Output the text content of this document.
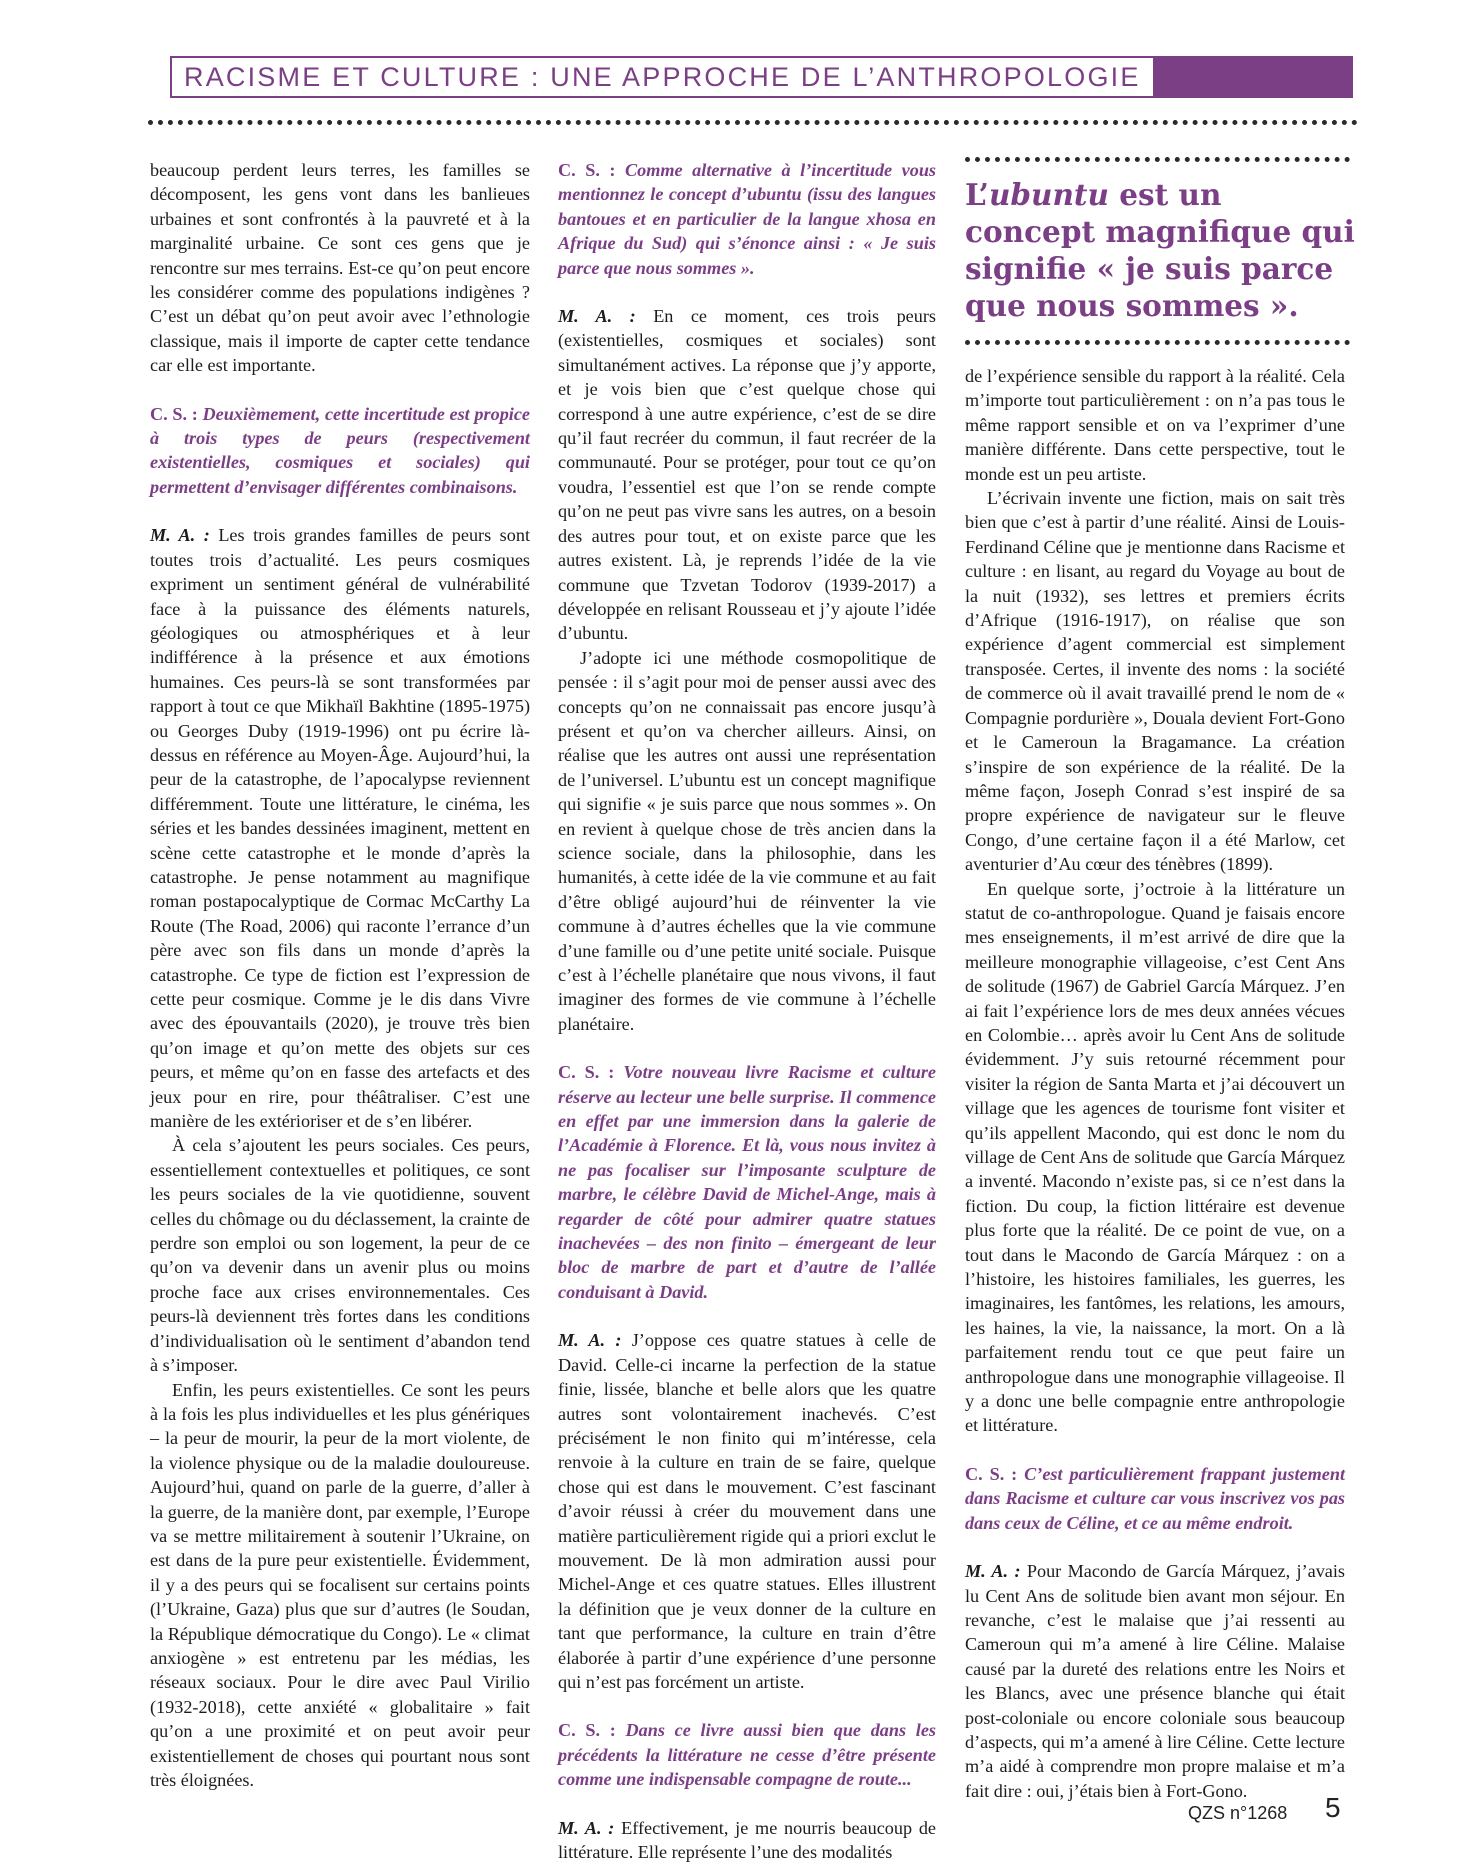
RACISME ET CULTURE : UNE APPROCHE DE L’ANTHROPOLOGIE

beaucoup perdent leurs terres, les familles se décomposent, les gens vont dans les banlieues urbaines et sont confrontés à la pauvreté et à la marginalité urbaine. Ce sont ces gens que je rencontre sur mes terrains. Est-ce qu’on peut encore les considérer comme des populations indigènes ? C’est un débat qu’on peut avoir avec l’ethnologie classique, mais il importe de capter cette tendance car elle est importante.

C. S. : Deuxièmement, cette incertitude est propice à trois types de peurs (respectivement existentielles, cosmiques et sociales) qui permettent d’envisager différentes combinaisons.

M. A. : Les trois grandes familles de peurs sont toutes trois d’actualité. Les peurs cosmiques expriment un sentiment général de vulnérabilité face à la puissance des éléments naturels, géologiques ou atmosphériques et à leur indifférence à la présence et aux émotions humaines. Ces peurs-là se sont transformées par rapport à tout ce que Mikhaïl Bakhtine (1895-1975) ou Georges Duby (1919-1996) ont pu écrire là-dessus en référence au Moyen-Âge. Aujourd’hui, la peur de la catastrophe, de l’apocalypse reviennent différemment. Toute une littérature, le cinéma, les séries et les bandes dessinées imaginent, mettent en scène cette catastrophe et le monde d’après la catastrophe. Je pense notamment au magnifique roman postapocalyptique de Cormac McCarthy La Route (The Road, 2006) qui raconte l’errance d’un père avec son fils dans un monde d’après la catastrophe. Ce type de fiction est l’expression de cette peur cosmique. Comme je le dis dans Vivre avec des épouvantails (2020), je trouve très bien qu’on image et qu’on mette des objets sur ces peurs, et même qu’on en fasse des artefacts et des jeux pour en rire, pour théâtraliser. C’est une manière de les extérioriser et de s’en libérer.

À cela s’ajoutent les peurs sociales. Ces peurs, essentiellement contextuelles et politiques, ce sont les peurs sociales de la vie quotidienne, souvent celles du chômage ou du déclassement, la crainte de perdre son emploi ou son logement, la peur de ce qu’on va devenir dans un avenir plus ou moins proche face aux crises environnementales. Ces peurs-là deviennent très fortes dans les conditions d’individualisation où le sentiment d’abandon tend à s’imposer.

Enfin, les peurs existentielles. Ce sont les peurs à la fois les plus individuelles et les plus génériques – la peur de mourir, la peur de la mort violente, de la violence physique ou de la maladie douloureuse. Aujourd’hui, quand on parle de la guerre, d’aller à la guerre, de la manière dont, par exemple, l’Europe va se mettre militairement à soutenir l’Ukraine, on est dans de la pure peur existentielle. Évidemment, il y a des peurs qui se focalisent sur certains points (l’Ukraine, Gaza) plus que sur d’autres (le Soudan, la République démocratique du Congo). Le « climat anxiogène » est entretenu par les médias, les réseaux sociaux. Pour le dire avec Paul Virilio (1932-2018), cette anxiété « globalitaire » fait qu’on a une proximité et on peut avoir peur existentiellement de choses qui pourtant nous sont très éloignées.

C. S. : Comme alternative à l’incertitude vous mentionnez le concept d’ubuntu (issu des langues bantoues et en particulier de la langue xhosa en Afrique du Sud) qui s’énonce ainsi : « Je suis parce que nous sommes ».

M. A. : En ce moment, ces trois peurs (existentielles, cosmiques et sociales) sont simultanément actives. La réponse que j’y apporte, et je vois bien que c’est quelque chose qui correspond à une autre expérience, c’est de se dire qu’il faut recréer du commun, il faut recréer de la communauté. Pour se protéger, pour tout ce qu’on voudra, l’essentiel est que l’on se rende compte qu’on ne peut pas vivre sans les autres, on a besoin des autres pour tout, et on existe parce que les autres existent. Là, je reprends l’idée de la vie commune que Tzvetan Todorov (1939-2017) a développée en relisant Rousseau et j’y ajoute l’idée d’ubuntu.

J’adopte ici une méthode cosmopolitique de pensée : il s’agit pour moi de penser aussi avec des concepts qu’on ne connaissait pas encore jusqu’à présent et qu’on va chercher ailleurs. Ainsi, on réalise que les autres ont aussi une représentation de l’universel. L’ubuntu est un concept magnifique qui signifie « je suis parce que nous sommes ». On en revient à quelque chose de très ancien dans la science sociale, dans la philosophie, dans les humanités, à cette idée de la vie commune et au fait d’être obligé aujourd’hui de réinventer la vie commune à d’autres échelles que la vie commune d’une famille ou d’une petite unité sociale. Puisque c’est à l’échelle planétaire que nous vivons, il faut imaginer des formes de vie commune à l’échelle planétaire.

C. S. : Votre nouveau livre Racisme et culture réserve au lecteur une belle surprise. Il commence en effet par une immersion dans la galerie de l’Académie à Florence. Et là, vous nous invitez à ne pas focaliser sur l’imposante sculpture de marbre, le célèbre David de Michel-Ange, mais à regarder de côté pour admirer quatre statues inachevées – des non finito – émergeant de leur bloc de marbre de part et d’autre de l’allée conduisant à David.

M. A. : J’oppose ces quatre statues à celle de David. Celle-ci incarne la perfection de la statue finie, lissée, blanche et belle alors que les quatre autres sont volontairement inachevés. C’est précisément le non finito qui m’intéresse, cela renvoie à la culture en train de se faire, quelque chose qui est dans le mouvement. C’est fascinant d’avoir réussi à créer du mouvement dans une matière particulièrement rigide qui a priori exclut le mouvement. De là mon admiration aussi pour Michel-Ange et ces quatre statues. Elles illustrent la définition que je veux donner de la culture en tant que performance, la culture en train d’être élaborée à partir d’une expérience d’une personne qui n’est pas forcément un artiste.

C. S. : Dans ce livre aussi bien que dans les précédents la littérature ne cesse d’être présente comme une indispensable compagne de route...

M. A. : Effectivement, je me nourris beaucoup de littérature. Elle représente l’une des modalités

L’ubuntu est un concept magnifique qui signifie « je suis parce que nous sommes ».

de l’expérience sensible du rapport à la réalité. Cela m’importe tout particulièrement : on n’a pas tous le même rapport sensible et on va l’exprimer d’une manière différente. Dans cette perspective, tout le monde est un peu artiste.

L’écrivain invente une fiction, mais on sait très bien que c’est à partir d’une réalité. Ainsi de Louis-Ferdinand Céline que je mentionne dans Racisme et culture : en lisant, au regard du Voyage au bout de la nuit (1932), ses lettres et premiers écrits d’Afrique (1916-1917), on réalise que son expérience d’agent commercial est simplement transposée. Certes, il invente des noms : la société de commerce où il avait travaillé prend le nom de « Compagnie pordurière », Douala devient Fort-Gono et le Cameroun la Bragamance. La création s’inspire de son expérience de la réalité. De la même façon, Joseph Conrad s’est inspiré de sa propre expérience de navigateur sur le fleuve Congo, d’une certaine façon il a été Marlow, cet aventurier d’Au cœur des ténèbres (1899).

En quelque sorte, j’octroie à la littérature un statut de co-anthropologue. Quand je faisais encore mes enseignements, il m’est arrivé de dire que la meilleure monographie villageoise, c’est Cent Ans de solitude (1967) de Gabriel García Márquez. J’en ai fait l’expérience lors de mes deux années vécues en Colombie… après avoir lu Cent Ans de solitude évidemment. J’y suis retourné récemment pour visiter la région de Santa Marta et j’ai découvert un village que les agences de tourisme font visiter et qu’ils appellent Macondo, qui est donc le nom du village de Cent Ans de solitude que García Márquez a inventé. Macondo n’existe pas, si ce n’est dans la fiction. Du coup, la fiction littéraire est devenue plus forte que la réalité. De ce point de vue, on a tout dans le Macondo de García Márquez : on a l’histoire, les histoires familiales, les guerres, les imaginaires, les fantômes, les relations, les amours, les haines, la vie, la naissance, la mort. On a là parfaitement rendu tout ce que peut faire un anthropologue dans une monographie villageoise. Il y a donc une belle compagnie entre anthropologie et littérature.

C. S. : C’est particulièrement frappant justement dans Racisme et culture car vous inscrivez vos pas dans ceux de Céline, et ce au même endroit.

M. A. : Pour Macondo de García Márquez, j’avais lu Cent Ans de solitude bien avant mon séjour. En revanche, c’est le malaise que j’ai ressenti au Cameroun qui m’a amené à lire Céline. Malaise causé par la dureté des relations entre les Noirs et les Blancs, avec une présence blanche qui était post-coloniale ou encore coloniale sous beaucoup d’aspects, qui m’a amené à lire Céline. Cette lecture m’a aidé à comprendre mon propre malaise et m’a fait dire : oui, j’étais bien à Fort-Gono.

QZS n°1268 5
